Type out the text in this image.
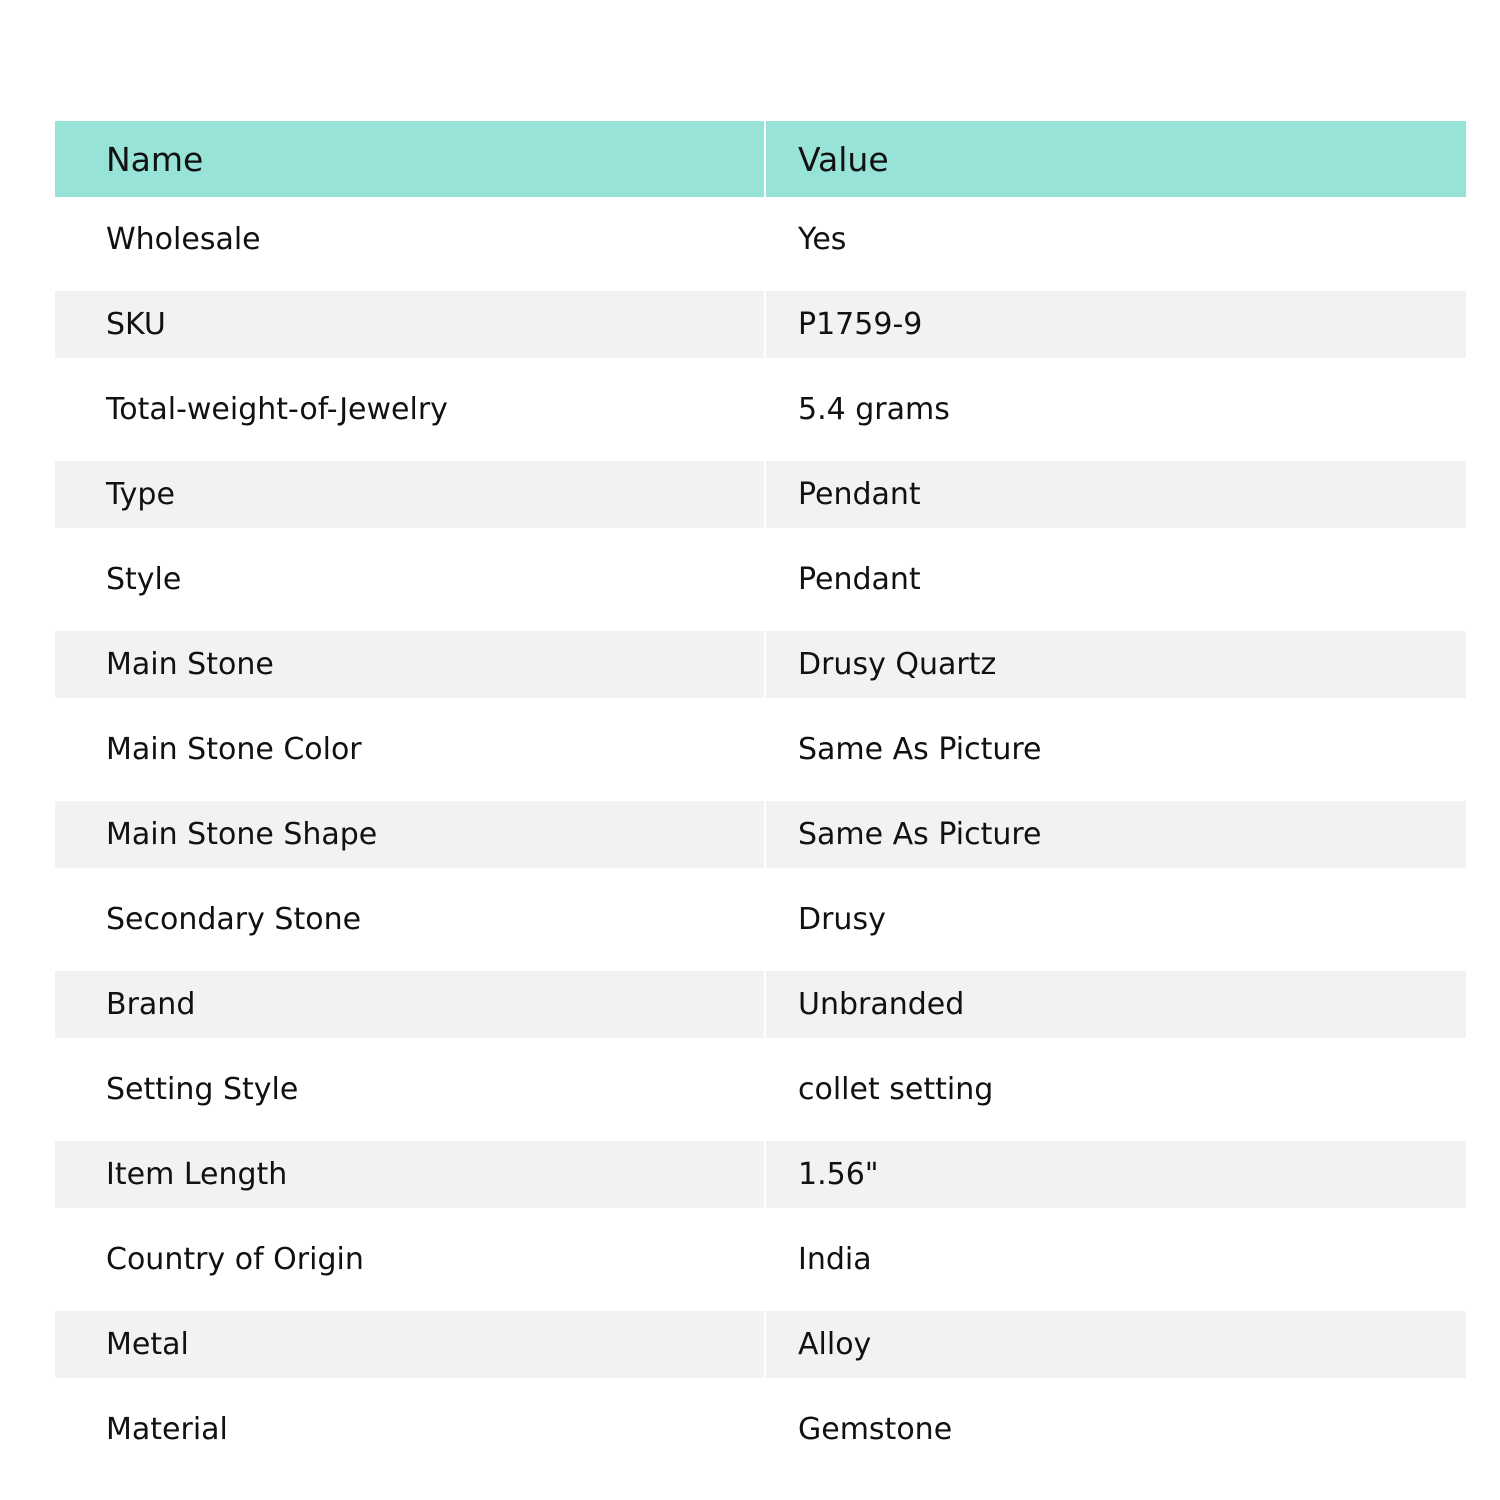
Name	Value
Wholesale	Yes
SKU	P1759-9
Total-weight-of-Jewelry	5.4 grams
Type	Pendant
Style	Pendant
Main Stone	Drusy Quartz
Main Stone Color	Same As Picture
Main Stone Shape	Same As Picture
Secondary Stone	Drusy
Brand	Unbranded
Setting Style	collet setting
Item Length	1.56"
Country of Origin	India
Metal	Alloy
Material	Gemstone
